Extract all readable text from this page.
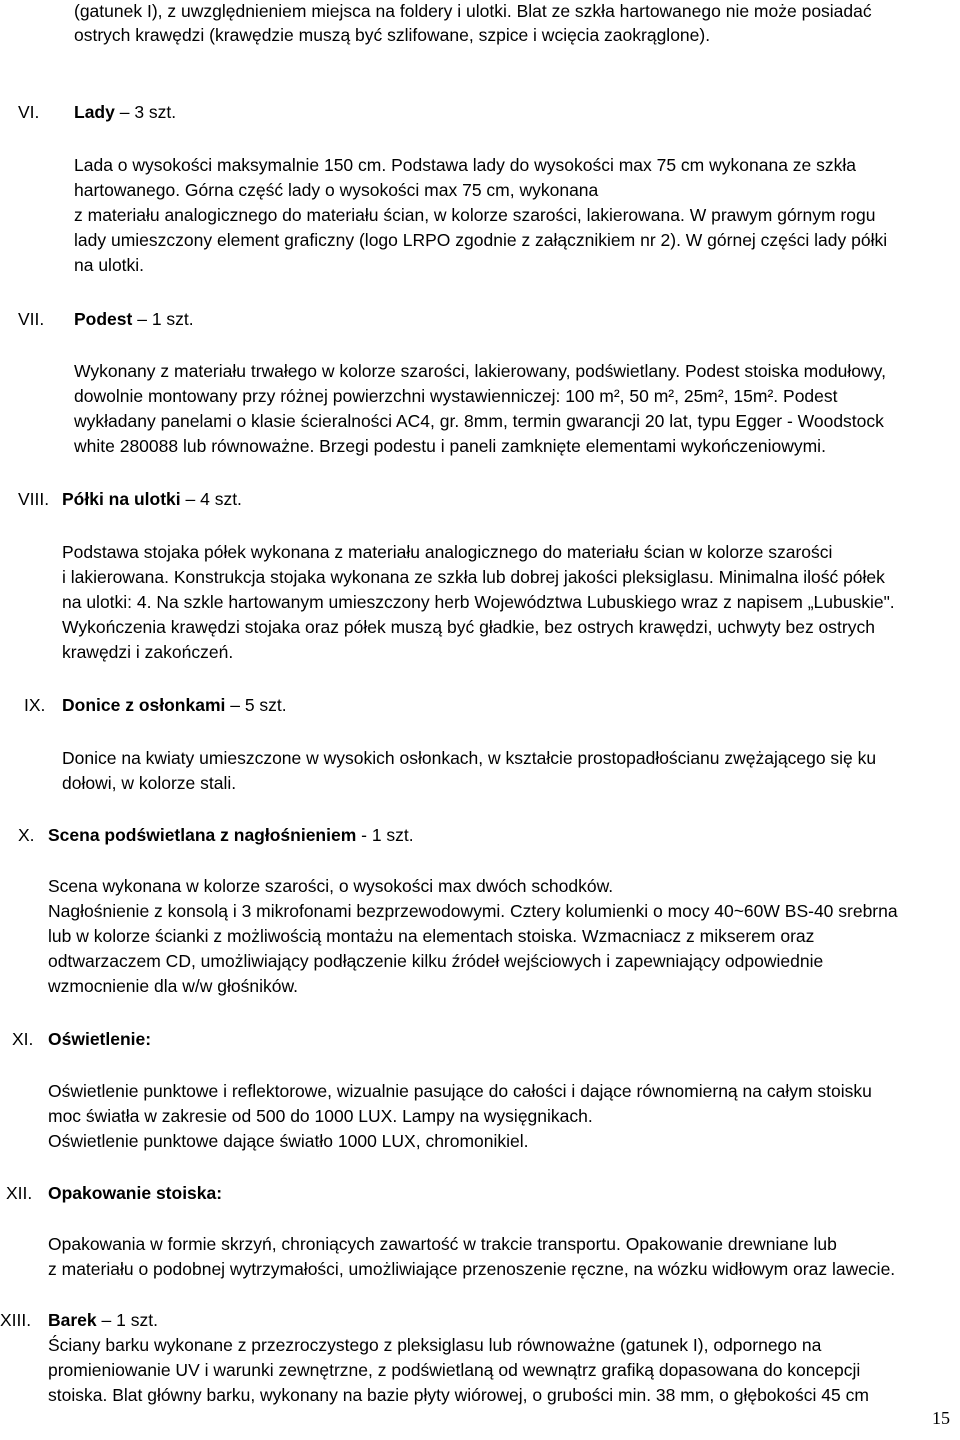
(gatunek I), z uwzględnieniem miejsca na foldery i ulotki. Blat ze szkła hartowanego nie może posiadać
ostrych krawędzi (krawędzie muszą być szlifowane, szpice i wcięcia zaokrąglone).
VI. Lady – 3 szt.
Lada o wysokości maksymalnie 150 cm. Podstawa lady do wysokości max 75 cm wykonana ze szkła
hartowanego. Górna część lady o wysokości max 75 cm, wykonana
z materiału analogicznego do materiału ścian, w kolorze szarości, lakierowana. W prawym górnym rogu
lady umieszczony element graficzny (logo LRPO zgodnie z załącznikiem nr 2). W górnej części lady półki
na ulotki.
VII. Podest – 1 szt.
Wykonany z materiału trwałego w kolorze szarości, lakierowany, podświetlany. Podest stoiska modułowy,
dowolnie montowany przy różnej powierzchni wystawienniczej: 100 m², 50 m², 25m², 15m². Podest
wykładany panelami o klasie ścieralności AC4, gr. 8mm, termin gwarancji 20 lat, typu Egger - Woodstock
white 280088 lub równoważne. Brzegi podestu i paneli zamknięte elementami wykończeniowymi.
VIII. Półki na ulotki – 4 szt.
Podstawa stojaka półek wykonana z materiału analogicznego do materiału ścian w kolorze szarości
i lakierowana. Konstrukcja stojaka wykonana ze szkła lub dobrej jakości pleksiglasu. Minimalna ilość półek
na ulotki: 4. Na szkle hartowanym umieszczony herb Województwa Lubuskiego wraz z napisem „Lubuskie".
Wykończenia krawędzi stojaka oraz półek muszą być gładkie, bez ostrych krawędzi, uchwyty bez ostrych
krawędzi i zakończeń.
IX. Donice z osłonkami – 5 szt.
Donice na kwiaty umieszczone w wysokich osłonkach, w kształcie prostopadłościanu zwężającego się ku
dołowi, w kolorze stali.
X. Scena podświetlana z nagłośnieniem - 1 szt.
Scena wykonana w kolorze szarości, o wysokości max dwóch schodków.
Nagłośnienie z konsolą i 3 mikrofonami bezprzewodowymi. Cztery kolumienki o mocy 40~60W BS-40 srebrna
lub w kolorze ścianki z możliwością montażu na elementach stoiska. Wzmacniacz z mikserem oraz
odtwarzaczem CD, umożliwiający podłączenie kilku źródeł wejściowych i zapewniający odpowiednie
wzmocnienie dla w/w głośników.
XI. Oświetlenie:
Oświetlenie punktowe i reflektorowe, wizualnie pasujące do całości i dające równomierną na całym stoisku
moc światła w zakresie od 500 do 1000 LUX. Lampy na wysięgnikach.
Oświetlenie punktowe dające światło 1000 LUX, chromonikiel.
XII. Opakowanie stoiska:
Opakowania w formie skrzyń, chroniących zawartość w trakcie transportu. Opakowanie drewniane lub
z materiału o podobnej wytrzymałości, umożliwiające przenoszenie ręczne, na wózku widłowym oraz lawecie.
XIII. Barek – 1 szt.
Ściany barku wykonane z przezroczystego z pleksiglasu lub równoważne (gatunek I), odpornego na
promieniowanie UV i warunki zewnętrzne, z podświetlaną od wewnątrz grafiką dopasowana do koncepcji
stoiska. Blat główny barku, wykonany na bazie płyty wiórowej, o grubości min. 38 mm, o głębokości 45 cm
15
